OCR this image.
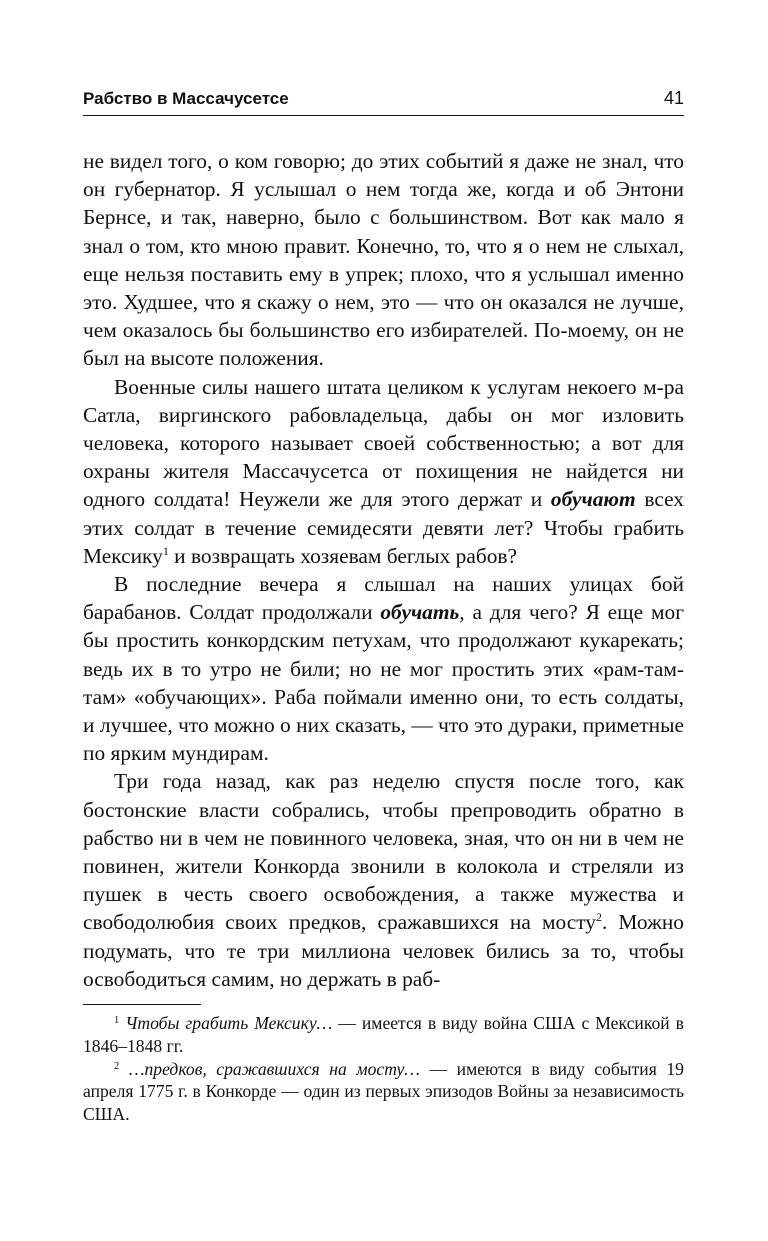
Рабство в Массачусетсе	41

не видел того, о ком говорю; до этих событий я даже не знал, что он губернатор. Я услышал о нем тогда же, когда и об Энтони Бернсе, и так, наверно, было с большинством. Вот как мало я знал о том, кто мною правит. Конечно, то, что я о нем не слыхал, еще нельзя поставить ему в упрек; плохо, что я услышал именно это. Худшее, что я скажу о нем, это — что он оказался не лучше, чем оказалось бы большинство его избирателей. По-моему, он не был на высоте положения.

Военные силы нашего штата целиком к услугам некоего м-ра Сатла, виргинского рабовладельца, дабы он мог изловить человека, которого называет своей собственностью; а вот для охраны жителя Массачусетса от похищения не найдется ни одного солдата! Неужели же для этого держат и обучают всех этих солдат в течение семидесяти девяти лет? Чтобы грабить Мексику$^1$ и возвращать хозяевам беглых рабов?

В последние вечера я слышал на наших улицах бой барабанов. Солдат продолжали обучать, а для чего? Я еще мог бы простить конкордским петухам, что продолжают кукарекать; ведь их в то утро не били; но не мог простить этих «рам-там-там» «обучающих». Раба поймали именно они, то есть солдаты, и лучшее, что можно о них сказать, — что это дураки, приметные по ярким мундирам.

Три года назад, как раз неделю спустя после того, как бостонские власти собрались, чтобы препроводить обратно в рабство ни в чем не повинного человека, зная, что он ни в чем не повинен, жители Конкорда звонили в колокола и стреляли из пушек в честь своего освобождения, а также мужества и свободолюбия своих предков, сражавшихся на мосту$^2$. Можно подумать, что те три миллиона человек бились за то, чтобы освободиться самим, но держать в раб-

$^1$ Чтобы грабить Мексику… — имеется в виду война США с Мексикой в 1846–1848 гг.

$^2$ …предков, сражавшихся на мосту… — имеются в виду события 19 апреля 1775 г. в Конкорде — один из первых эпизодов Войны за независимость США.
